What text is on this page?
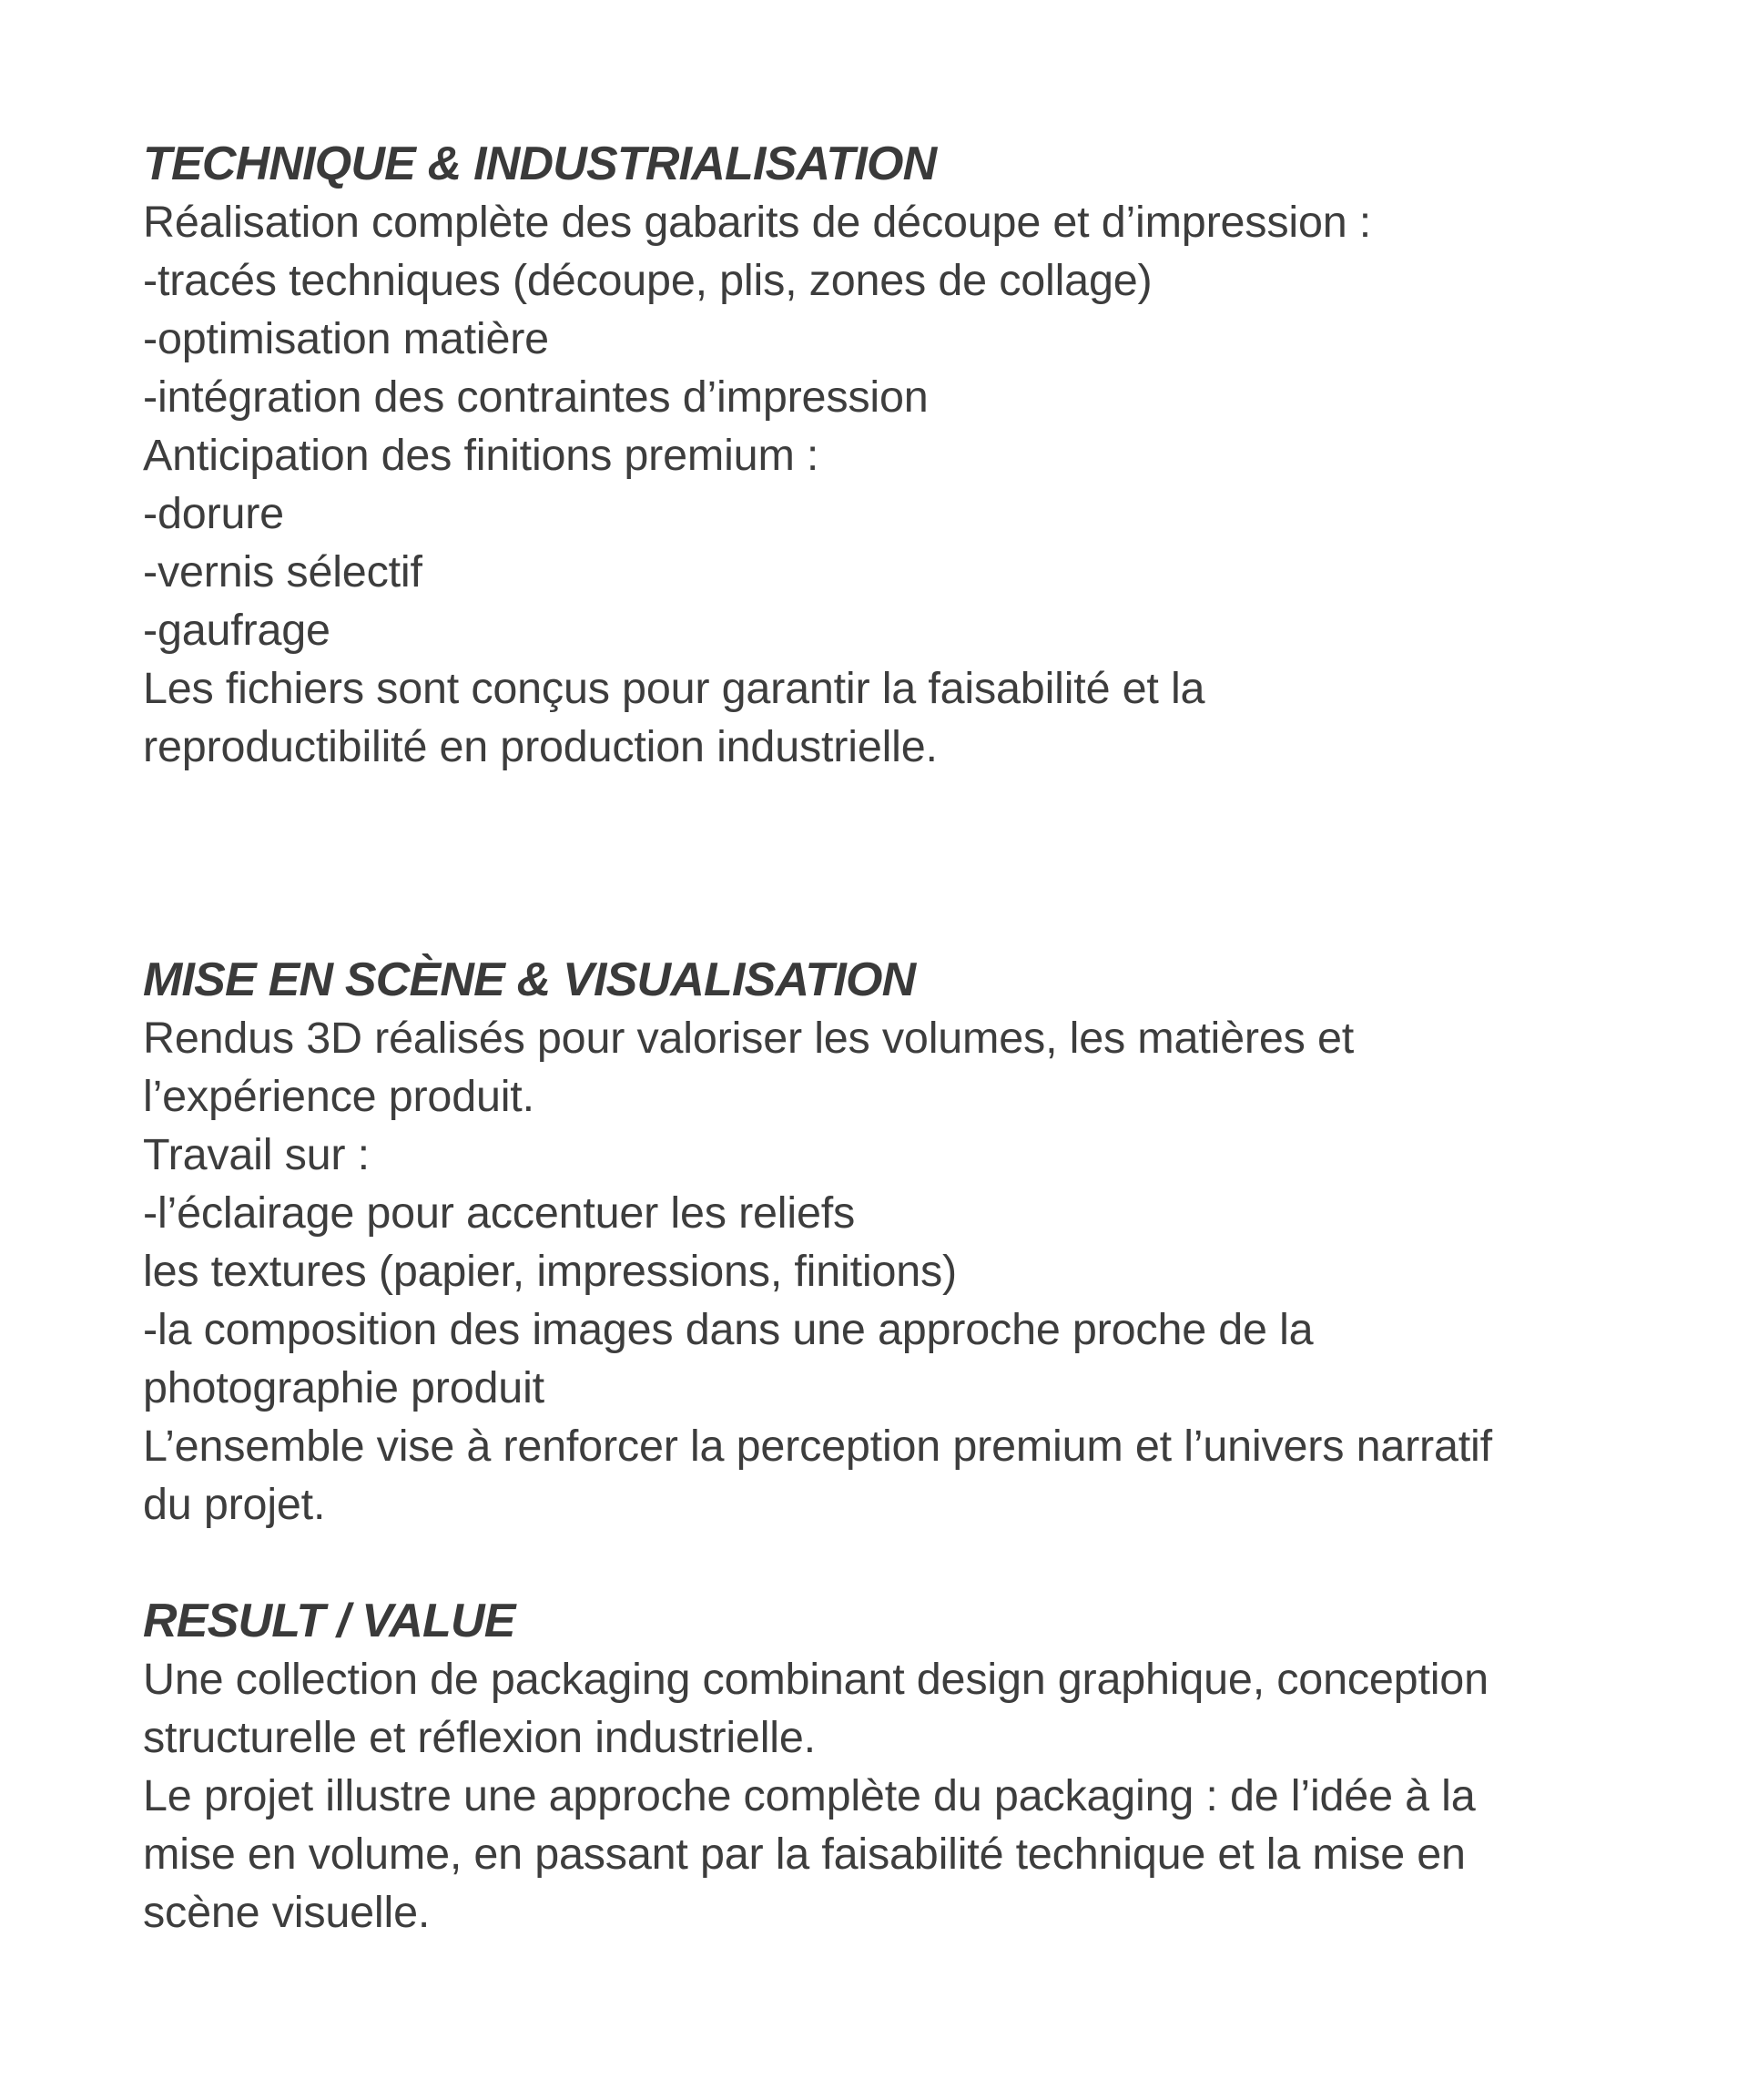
TECHNIQUE & INDUSTRIALISATION

Réalisation complète des gabarits de découpe et d’impression :

-tracés techniques (découpe, plis, zones de collage)

-optimisation matière

-intégration des contraintes d’impression

Anticipation des finitions premium :

-dorure

-vernis sélectif

-gaufrage

Les fichiers sont conçus pour garantir la faisabilité et la

reproductibilité en production industrielle.

MISE EN SCÈNE & VISUALISATION

Rendus 3D réalisés pour valoriser les volumes, les matières et

l’expérience produit.

Travail sur :

-l’éclairage pour accentuer les reliefs

les textures (papier, impressions, finitions)

-la composition des images dans une approche proche de la

photographie produit

L’ensemble vise à renforcer la perception premium et l’univers narratif

du projet.

RESULT / VALUE

Une collection de packaging combinant design graphique, conception

structurelle et réflexion industrielle.

Le projet illustre une approche complète du packaging : de l’idée à la

mise en volume, en passant par la faisabilité technique et la mise en

scène visuelle.
